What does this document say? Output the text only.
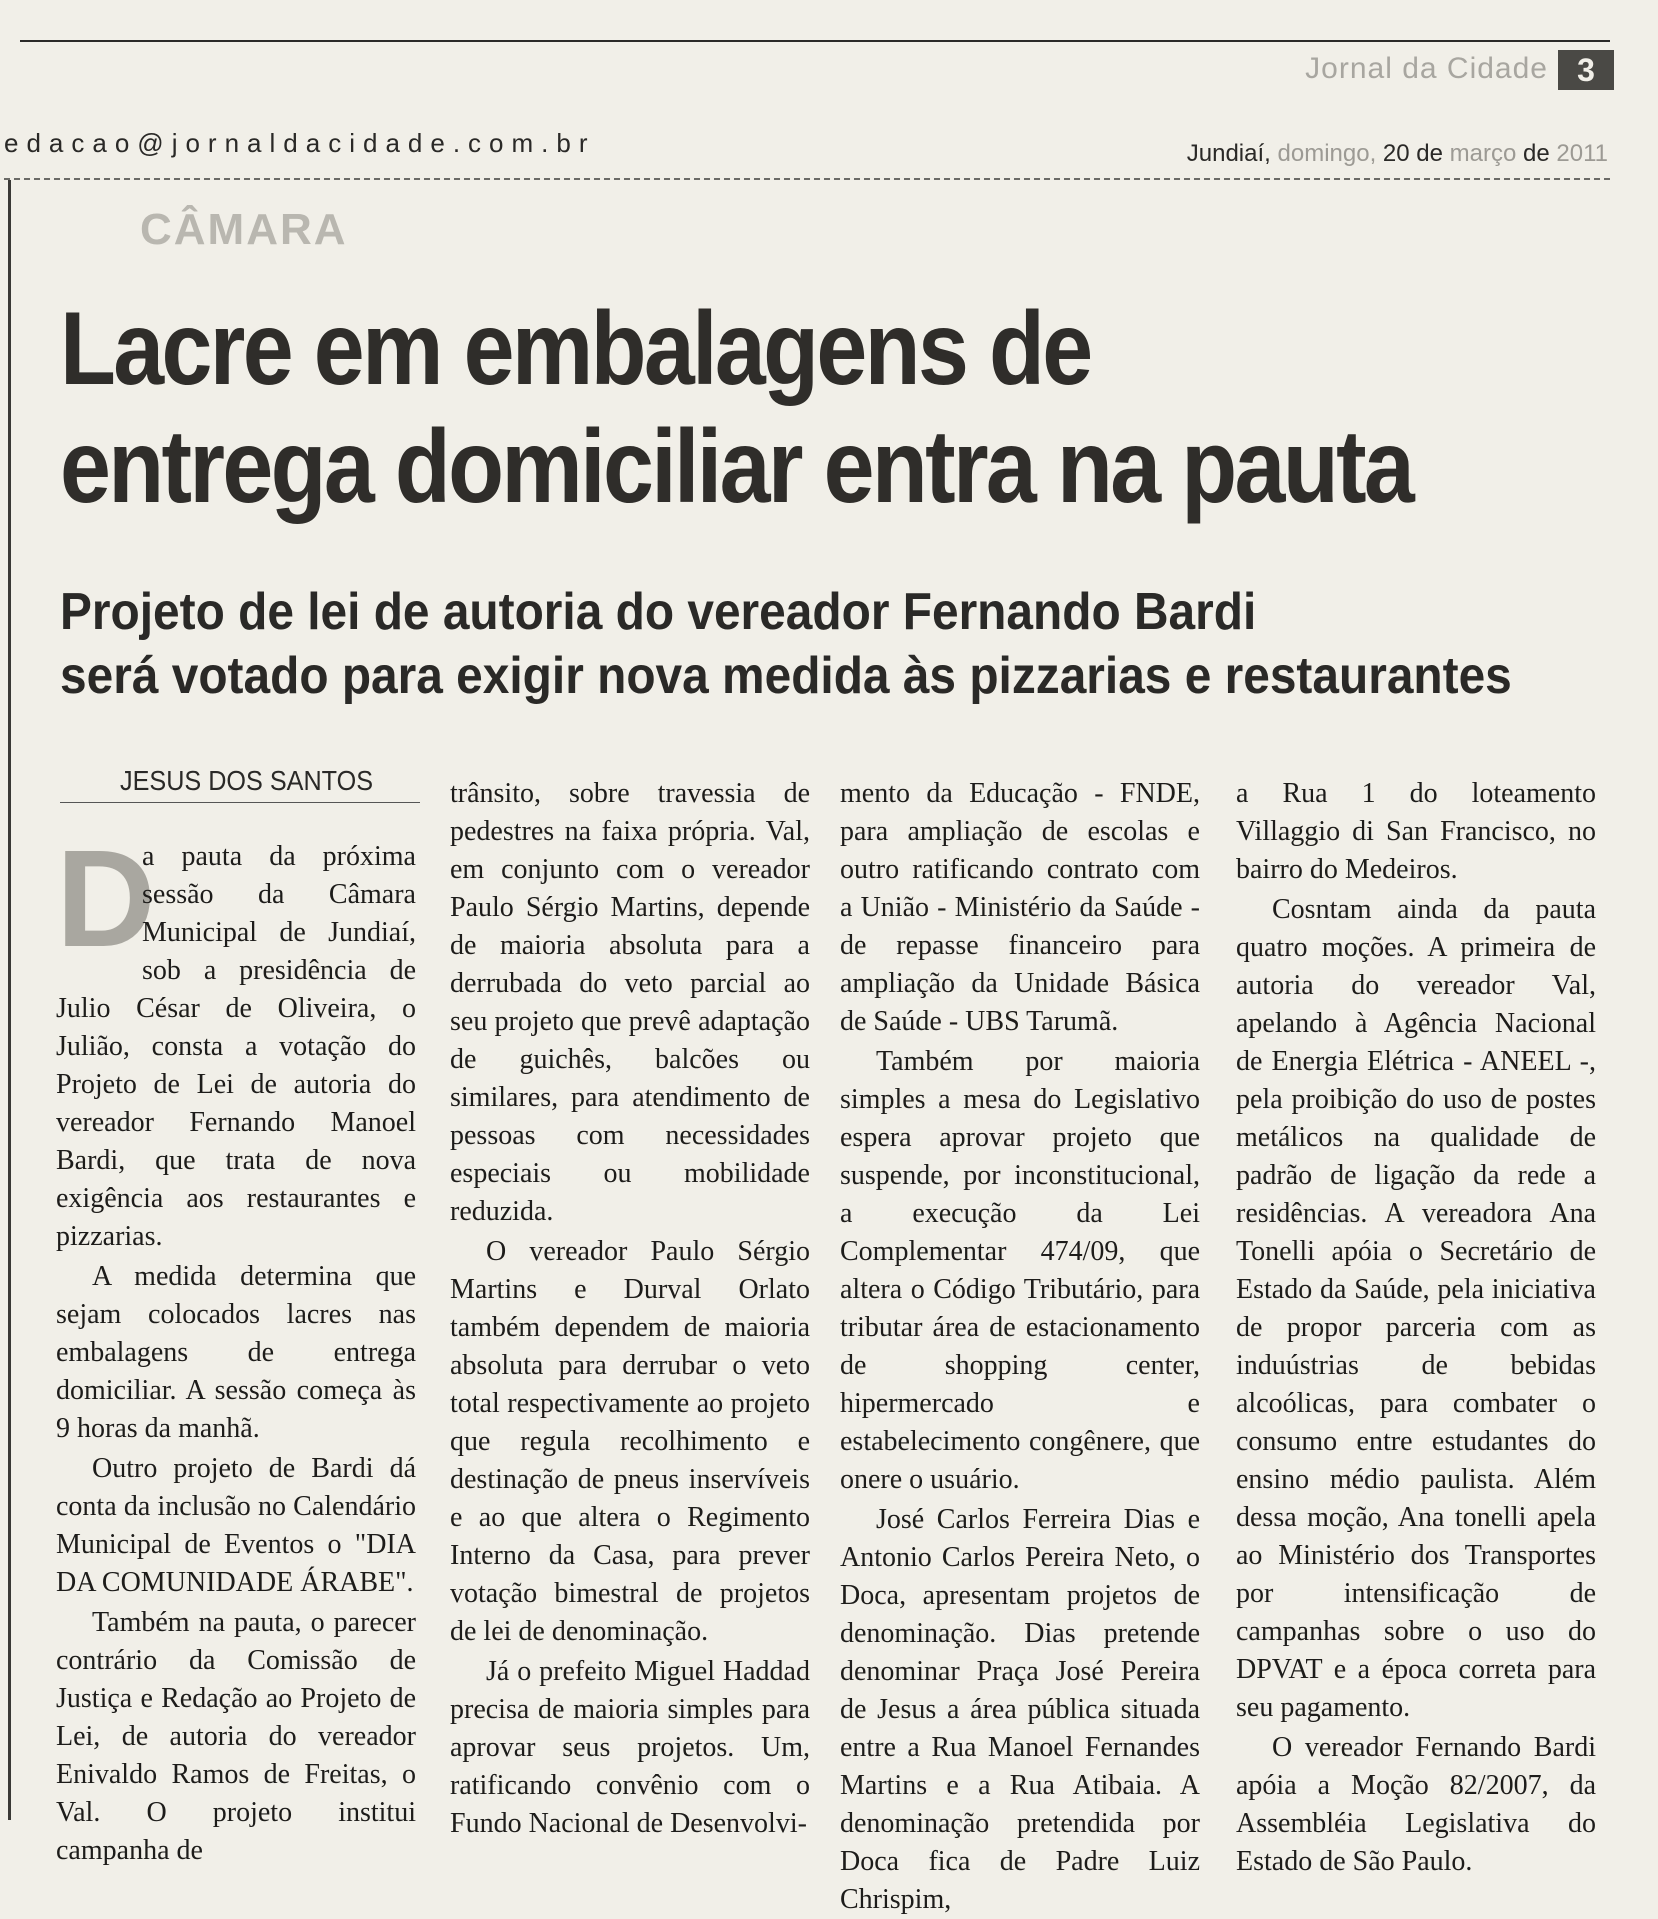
Jornal da Cidade 3
edacao@jornaldacidade.com.br	Jundiaí, domingo, 20 de março de 2011
CÂMARA
Lacre em embalagens de
entrega domiciliar entra na pauta
Projeto de lei de autoria do vereador Fernando Bardi
será votado para exigir nova medida às pizzarias e restaurantes
JESUS DOS SANTOS

D
a pauta da próxima sessão da Câmara Municipal de Jundiaí, sob a presidência de Julio César de Oliveira, o Julião, consta a votação do Projeto de Lei de autoria do vereador Fernando Manoel Bardi, que trata de nova exigência aos restaurantes e pizzarias.

A medida determina que sejam colocados lacres nas embalagens de entrega domiciliar. A sessão começa às 9 horas da manhã.

Outro projeto de Bardi dá conta da inclusão no Calendário Municipal de Eventos o "DIA DA COMUNIDADE ÁRABE".

Também na pauta, o parecer contrário da Comissão de Justiça e Redação ao Projeto de Lei, de autoria do vereador Enivaldo Ramos de Freitas, o Val. O projeto institui campanha de

trânsito, sobre travessia de pedestres na faixa própria. Val, em conjunto com o vereador Paulo Sérgio Martins, depende de maioria absoluta para a derrubada do veto parcial ao seu projeto que prevê adaptação de guichês, balcões ou similares, para atendimento de pessoas com necessidades especiais ou mobilidade reduzida.

O vereador Paulo Sérgio Martins e Durval Orlato também dependem de maioria absoluta para derrubar o veto total respectivamente ao projeto que regula recolhimento e destinação de pneus inservíveis e ao que altera o Regimento Interno da Casa, para prever votação bimestral de projetos de lei de denominação.

Já o prefeito Miguel Haddad precisa de maioria simples para aprovar seus projetos. Um, ratificando convênio com o Fundo Nacional de Desenvolvi-

mento da Educação - FNDE, para ampliação de escolas e outro ratificando contrato com a União - Ministério da Saúde - de repasse financeiro para ampliação da Unidade Básica de Saúde - UBS Tarumã.

Também por maioria simples a mesa do Legislativo espera aprovar projeto que suspende, por inconstitucional, a execução da Lei Complementar 474/09, que altera o Código Tributário, para tributar área de estacionamento de shopping center, hipermercado e estabelecimento congênere, que onere o usuário.

José Carlos Ferreira Dias e Antonio Carlos Pereira Neto, o Doca, apresentam projetos de denominação. Dias pretende denominar Praça José Pereira de Jesus a área pública situada entre a Rua Manoel Fernandes Martins e a Rua Atibaia. A denominação pretendida por Doca fica de Padre Luiz Chrispim,

a Rua 1 do loteamento Villaggio di San Francisco, no bairro do Medeiros.

Cosntam ainda da pauta quatro moções. A primeira de autoria do vereador Val, apelando à Agência Nacional de Energia Elétrica - ANEEL -, pela proibição do uso de postes metálicos na qualidade de padrão de ligação da rede a residências. A vereadora Ana Tonelli apóia o Secretário de Estado da Saúde, pela iniciativa de propor parceria com as induústrias de bebidas alcoólicas, para combater o consumo entre estudantes do ensino médio paulista. Além dessa moção, Ana tonelli apela ao Ministério dos Transportes por intensificação de campanhas sobre o uso do DPVAT e a época correta para seu pagamento.

O vereador Fernando Bardi apóia a Moção 82/2007, da Assembléia Legislativa do Estado de São Paulo.
